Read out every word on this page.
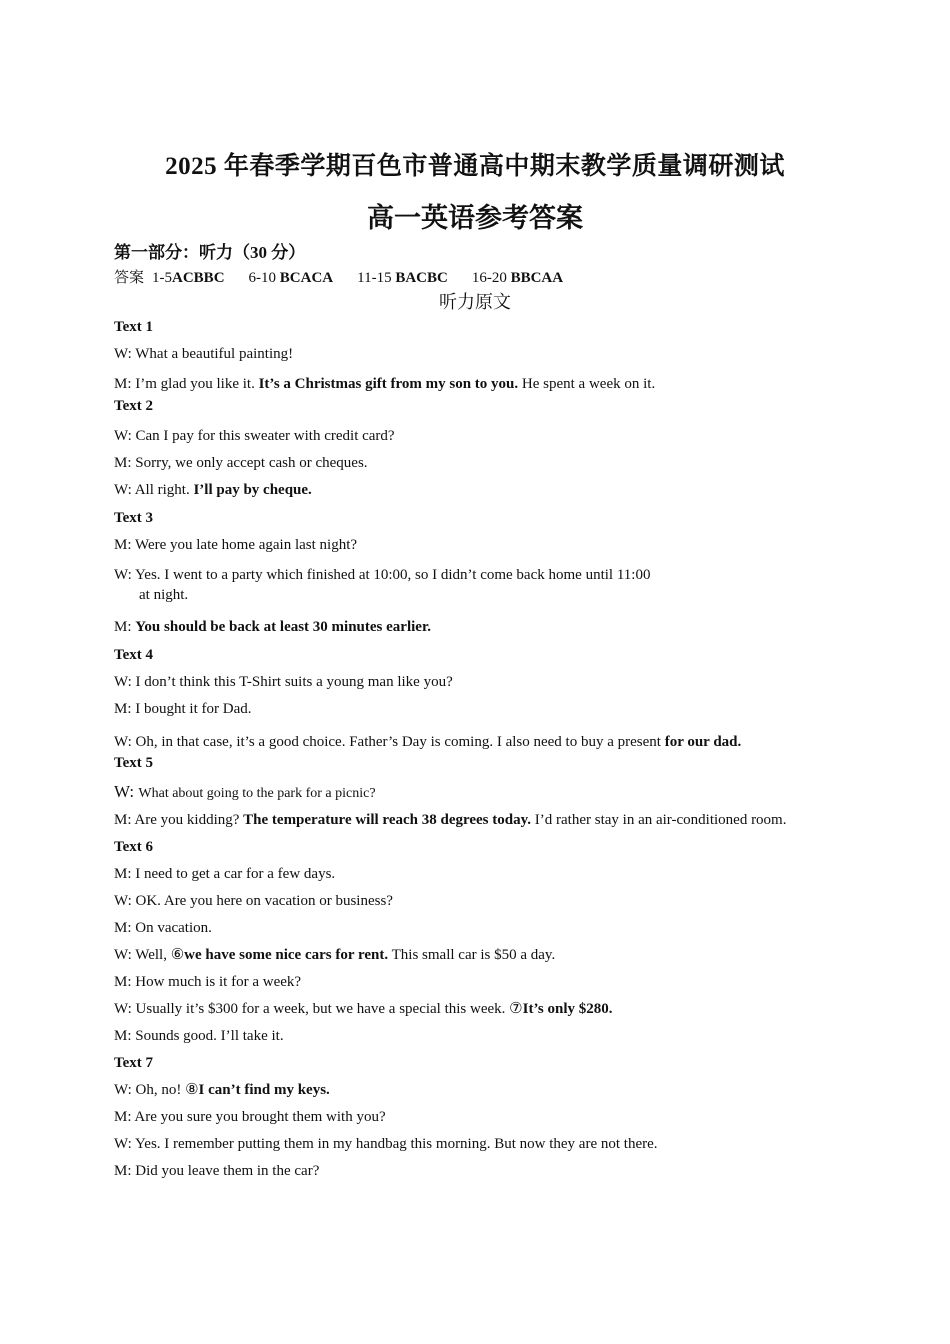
2025 年春季学期百色市普通高中期末教学质量调研测试
高一英语参考答案
第一部分：听力（30 分）
答案 1-5ACBBC 6-10 BCACA 11-15 BACBC 16-20 BBCAA
听力原文
Text 1
W: What a beautiful painting!
M: I’m glad you like it. It’s a Christmas gift from my son to you. He spent a week on it.
Text 2
W: Can I pay for this sweater with credit card?
M: Sorry, we only accept cash or cheques.
W: All right. I’ll pay by cheque.
Text 3
M: Were you late home again last night?
W: Yes. I went to a party which finished at 10:00, so I didn’t come back home until 11:00
at night.
M: You should be back at least 30 minutes earlier.
Text 4
W: I don’t think this T-Shirt suits a young man like you?
M: I bought it for Dad.
W: Oh, in that case, it’s a good choice. Father’s Day is coming. I also need to buy a present for our dad.
Text 5
W: What about going to the park for a picnic?
M: Are you kidding? The temperature will reach 38 degrees today. I’d rather stay in an air-conditioned room.
Text 6
M: I need to get a car for a few days.
W: OK. Are you here on vacation or business?
M: On vacation.
W: Well, ⑥we have some nice cars for rent. This small car is $50 a day.
M: How much is it for a week?
W: Usually it’s $300 for a week, but we have a special this week. ⑦It’s only $280.
M: Sounds good. I’ll take it.
Text 7
W: Oh, no! ⑧I can’t find my keys.
M: Are you sure you brought them with you?
W: Yes. I remember putting them in my handbag this morning. But now they are not there.
M: Did you leave them in the car?
